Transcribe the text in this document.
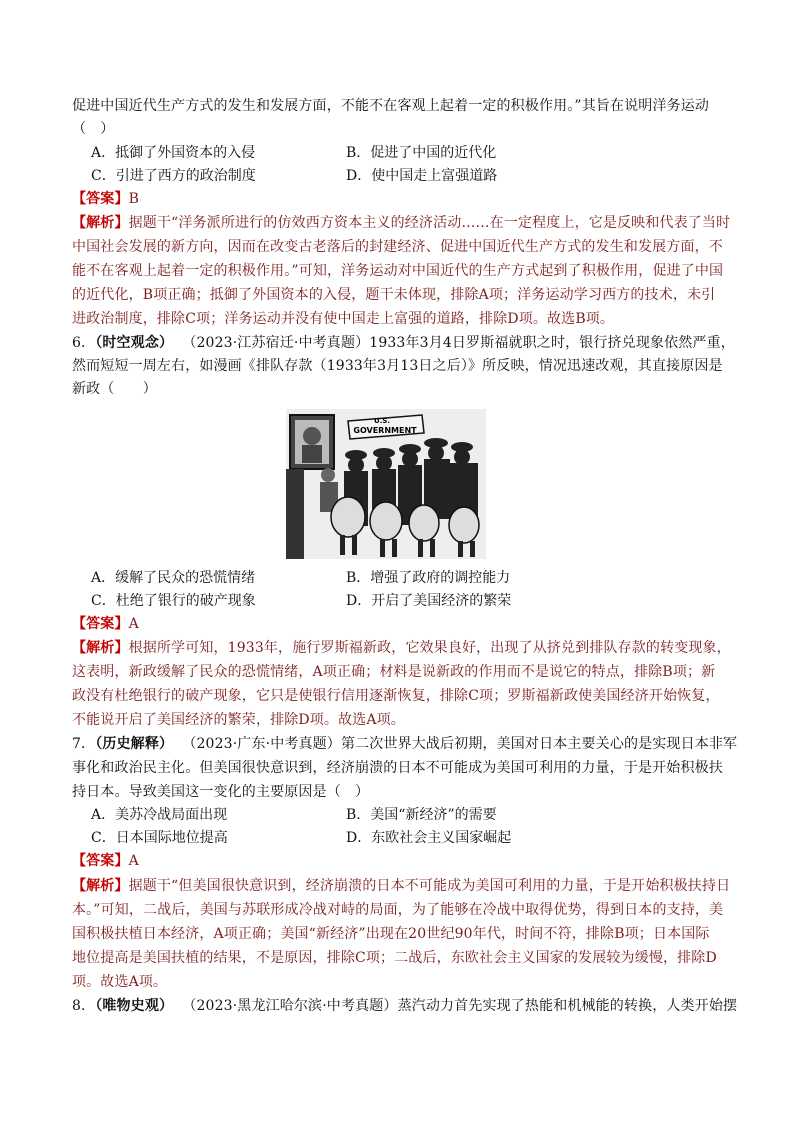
促进中国近代生产方式的发生和发展方面，不能不在客观上起着一定的积极作用。”其旨在说明洋务运动
（　）
A．抵御了外国资本的入侵	B．促进了中国的近代化
C．引进了西方的政治制度	D．使中国走上富强道路
【答案】B
【解析】据题干“洋务派所进行的仿效西方资本主义的经济活动……在一定程度上，它是反映和代表了当时
中国社会发展的新方向，因而在改变古老落后的封建经济、促进中国近代生产方式的发生和发展方面，不
能不在客观上起着一定的积极作用。”可知，洋务运动对中国近代的生产方式起到了积极作用，促进了中国
的近代化，B项正确；抵御了外国资本的入侵，题干未体现，排除A项；洋务运动学习西方的技术，未引
进政治制度，排除C项；洋务运动并没有使中国走上富强的道路，排除D项。故选B项。
6．（时空观念） （2023·江苏宿迁·中考真题）1933年3月4日罗斯福就职之时，银行挤兑现象依然严重，
然而短短一周左右，如漫画《排队存款（1933年3月13日之后）》所反映，情况迅速改观，其直接原因是
新政（　　）
U.S.
GOVERNMENT
A．缓解了民众的恐慌情绪	B．增强了政府的调控能力
C．杜绝了银行的破产现象	D．开启了美国经济的繁荣
【答案】A
【解析】根据所学可知，1933年，施行罗斯福新政，它效果良好，出现了从挤兑到排队存款的转变现象，
这表明，新政缓解了民众的恐慌情绪，A项正确；材料是说新政的作用而不是说它的特点，排除B项；新
政没有杜绝银行的破产现象，它只是使银行信用逐渐恢复，排除C项；罗斯福新政使美国经济开始恢复，
不能说开启了美国经济的繁荣，排除D项。故选A项。
7．（历史解释） （2023·广东·中考真题）第二次世界大战后初期，美国对日本主要关心的是实现日本非军
事化和政治民主化。但美国很快意识到，经济崩溃的日本不可能成为美国可利用的力量，于是开始积极扶
持日本。导致美国这一变化的主要原因是（　）
A．美苏冷战局面出现	B．美国“新经济”的需要
C．日本国际地位提高	D．东欧社会主义国家崛起
【答案】A
【解析】据题干“但美国很快意识到，经济崩溃的日本不可能成为美国可利用的力量，于是开始积极扶持日
本。”可知，二战后，美国与苏联形成冷战对峙的局面，为了能够在冷战中取得优势，得到日本的支持，美
国积极扶植日本经济，A项正确；美国“新经济”出现在20世纪90年代，时间不符，排除B项；日本国际
地位提高是美国扶植的结果，不是原因，排除C项；二战后，东欧社会主义国家的发展较为缓慢，排除D
项。故选A项。
8．（唯物史观） （2023·黑龙江哈尔滨·中考真题）蒸汽动力首先实现了热能和机械能的转换，人类开始摆
